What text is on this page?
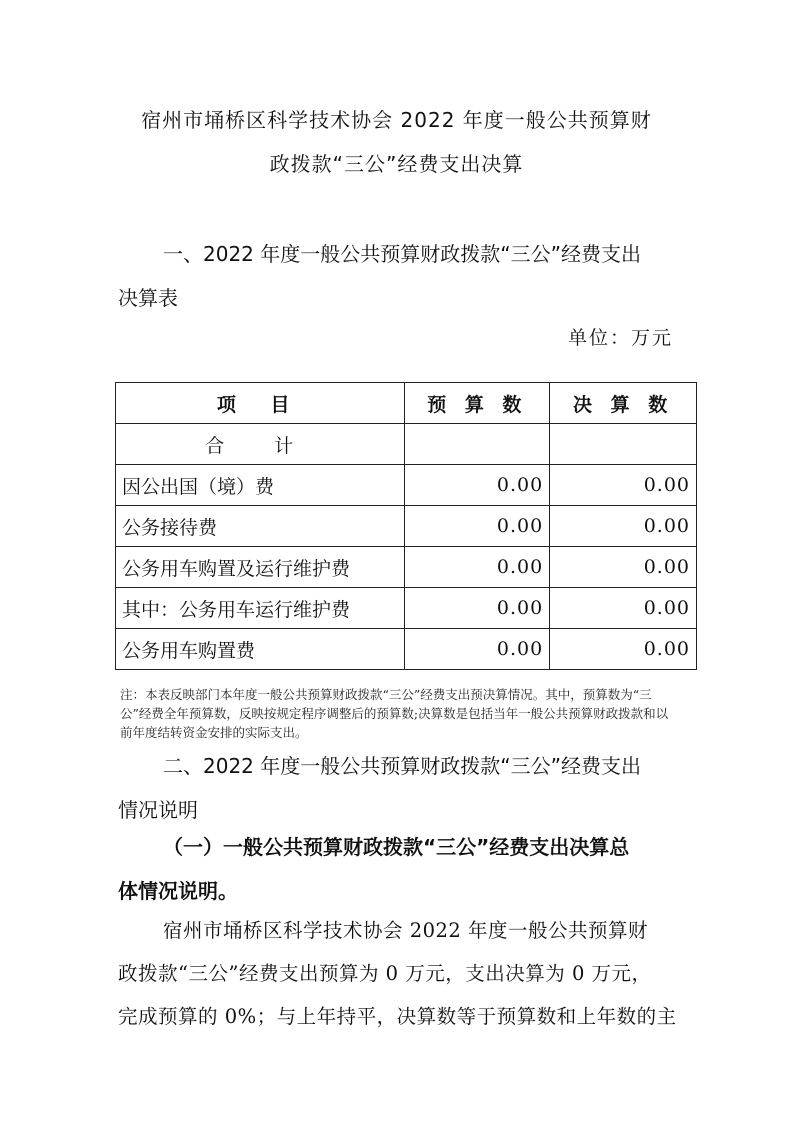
宿州市埇桥区科学技术协会 2022 年度一般公共预算财
政拨款“三公”经费支出决算
一、2022 年度一般公共预算财政拨款“三公”经费支出
决算表
单位：万元
项 目	预 算 数	决 算 数
合 计		
因公出国（境）费	0.00	0.00
公务接待费	0.00	0.00
公务用车购置及运行维护费	0.00	0.00
其中：公务用车运行维护费	0.00	0.00
公务用车购置费	0.00	0.00
注：本表反映部门本年度一般公共预算财政拨款“三公”经费支出预决算情况。其中，预算数为“三公”经费全年预算数，反映按规定程序调整后的预算数;决算数是包括当年一般公共预算财政拨款和以前年度结转资金安排的实际支出。
二、2022 年度一般公共预算财政拨款“三公”经费支出
情况说明
（一）一般公共预算财政拨款“三公”经费支出决算总
体情况说明。
宿州市埇桥区科学技术协会 2022 年度一般公共预算财
政拨款“三公”经费支出预算为 0 万元，支出决算为 0 万元，
完成预算的 0%；与上年持平，决算数等于预算数和上年数的主
